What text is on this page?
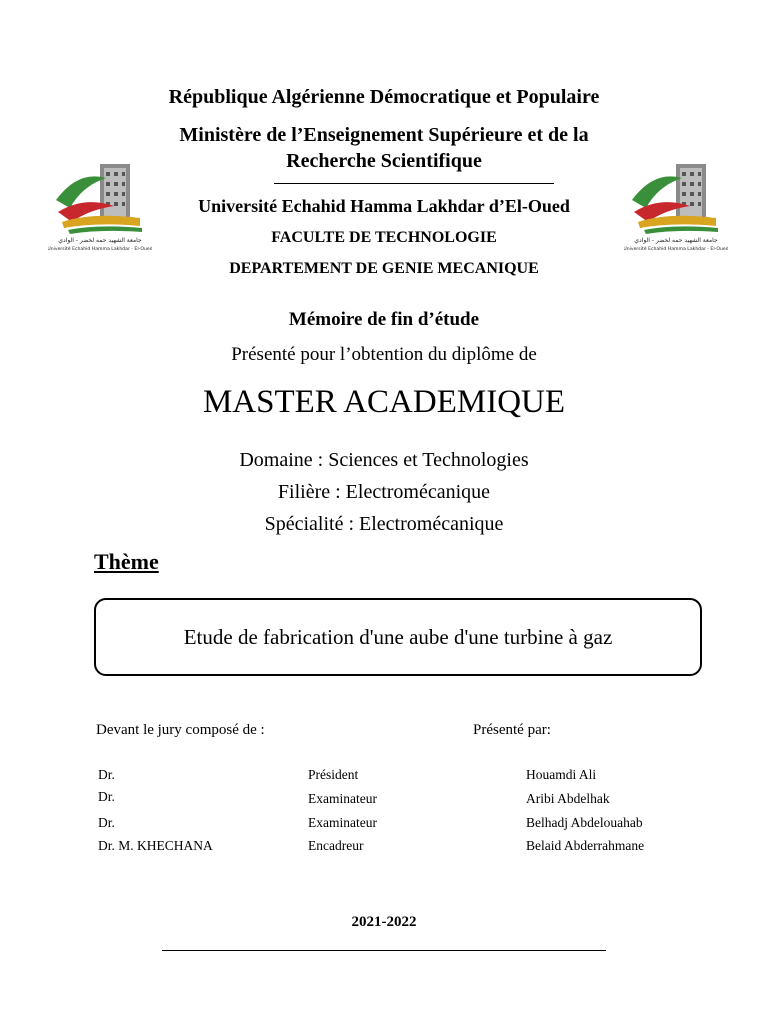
جامعة الشهيد حمه لخضر - الوادي
Université Echahid Hamma Lakhdar - El-Oued
جامعة الشهيد حمه لخضر - الوادي
Université Echahid Hamma Lakhdar - El-Oued
République Algérienne Démocratique et Populaire
Ministère de l’Enseignement Supérieure et de la
Recherche Scientifique
Université Echahid Hamma Lakhdar d’El-Oued
FACULTE DE TECHNOLOGIE
DEPARTEMENT DE GENIE MECANIQUE
Mémoire de fin d’étude
Présenté pour l’obtention du diplôme de
MASTER ACADEMIQUE
Domaine : Sciences et Technologies
Filière : Electromécanique
Spécialité : Electromécanique
Thème
Etude de fabrication d'une aube d'une turbine à gaz
Devant le jury composé de :	Présenté par:
Dr.	Président	Houamdi Ali
Dr.	Examinateur	Aribi Abdelhak
Dr.	Examinateur	Belhadj Abdelouahab
Dr. M. KHECHANA	Encadreur	Belaid Abderrahmane
2021-2022
